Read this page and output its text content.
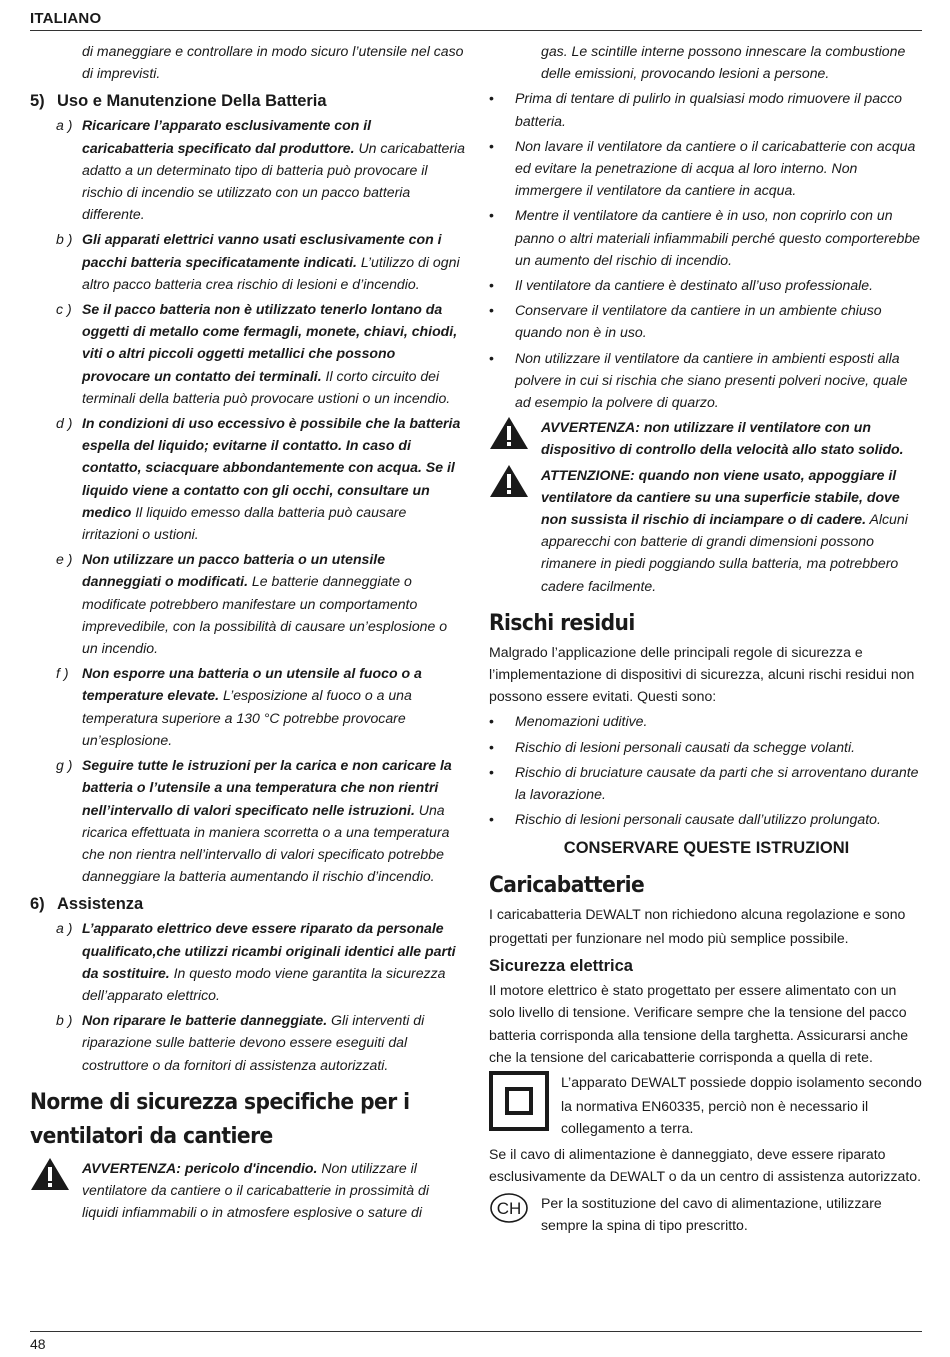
ITALIANO
di maneggiare e controllare in modo sicuro l’utensile nel caso di imprevisti.
5) Uso e Manutenzione Della Batteria
a ) Ricaricare l’apparato esclusivamente con il caricabatteria specificato dal produttore. Un caricabatteria adatto a un determinato tipo di batteria può provocare il rischio di incendio se utilizzato con un pacco batteria differente.
b ) Gli apparati elettrici vanno usati esclusivamente con i pacchi batteria specificatamente indicati. L’utilizzo di ogni altro pacco batteria crea rischio di lesioni e d’incendio.
c ) Se il pacco batteria non è utilizzato tenerlo lontano da oggetti di metallo come fermagli, monete, chiavi, chiodi, viti o altri piccoli oggetti metallici che possono provocare un contatto dei terminali. Il corto circuito dei terminali della batteria può provocare ustioni o un incendio.
d ) In condizioni di uso eccessivo è possibile che la batteria espella del liquido; evitarne il contatto. In caso di contatto, sciacquare abbondantemente con acqua. Se il liquido viene a contatto con gli occhi, consultare un medico Il liquido emesso dalla batteria può causare irritazioni o ustioni.
e ) Non utilizzare un pacco batteria o un utensile danneggiati o modificati. Le batterie danneggiate o modificate potrebbero manifestare un comportamento imprevedibile, con la possibilità di causare un’esplosione o un incendio.
f ) Non esporre una batteria o un utensile al fuoco o a temperature elevate. L’esposizione al fuoco o a una temperatura superiore a 130 °C potrebbe provocare un’esplosione.
g ) Seguire tutte le istruzioni per la carica e non caricare la batteria o l’utensile a una temperatura che non rientri nell’intervallo di valori specificato nelle istruzioni. Una ricarica effettuata in maniera scorretta o a una temperatura che non rientra nell’intervallo di valori specificato potrebbe danneggiare la batteria aumentando il rischio d’incendio.
6) Assistenza
a ) L’apparato elettrico deve essere riparato da personale qualificato,che utilizzi ricambi originali identici alle parti da sostituire. In questo modo viene garantita la sicurezza dell’apparato elettrico.
b ) Non riparare le batterie danneggiate. Gli interventi di riparazione sulle batterie devono essere eseguiti dal costruttore o da fornitori di assistenza autorizzati.
Norme di sicurezza specifiche per i
ventilatori da cantiere
AVVERTENZA: pericolo d'incendio. Non utilizzare il ventilatore da cantiere o il caricabatterie in prossimità di liquidi infiammabili o in atmosfere esplosive o sature di
gas. Le scintille interne possono innescare la combustione delle emissioni, provocando lesioni a persone.
•	Prima di tentare di pulirlo in qualsiasi modo rimuovere il pacco batteria.
•	Non lavare il ventilatore da cantiere o il caricabatterie con acqua ed evitare la penetrazione di acqua al loro interno. Non immergere il ventilatore da cantiere in acqua.
•	Mentre il ventilatore da cantiere è in uso, non coprirlo con un panno o altri materiali infiammabili perché questo comporterebbe un aumento del rischio di incendio.
•	Il ventilatore da cantiere è destinato all’uso professionale.
•	Conservare il ventilatore da cantiere in un ambiente chiuso quando non è in uso.
•	Non utilizzare il ventilatore da cantiere in ambienti esposti alla polvere in cui si rischia che siano presenti polveri nocive, quale ad esempio la polvere di quarzo.
AVVERTENZA: non utilizzare il ventilatore con un dispositivo di controllo della velocità allo stato solido.
ATTENZIONE: quando non viene usato, appoggiare il ventilatore da cantiere su una superficie stabile, dove non sussista il rischio di inciampare o di cadere. Alcuni apparecchi con batterie di grandi dimensioni possono rimanere in piedi poggiando sulla batteria, ma potrebbero cadere facilmente.
Rischi residui
Malgrado l’applicazione delle principali regole di sicurezza e l’implementazione di dispositivi di sicurezza, alcuni rischi residui non possono essere evitati. Questi sono:
•	Menomazioni uditive.
•	Rischio di lesioni personali causati da schegge volanti.
•	Rischio di bruciature causate da parti che si arroventano durante la lavorazione.
•	Rischio di lesioni personali causate dall’utilizzo prolungato.
CONSERVARE QUESTE ISTRUZIONI
Caricabatterie
I caricabatteria DEWALT non richiedono alcuna regolazione e sono progettati per funzionare nel modo più semplice possibile.
Sicurezza elettrica
Il motore elettrico è stato progettato per essere alimentato con un solo livello di tensione. Verificare sempre che la tensione del pacco batteria corrisponda alla tensione della targhetta. Assicurarsi anche che la tensione del caricabatterie corrisponda a quella di rete.
L’apparato DEWALT possiede doppio isolamento secondo la normativa EN60335, perciò non è necessario il collegamento a terra.
Se il cavo di alimentazione è danneggiato, deve essere riparato esclusivamente da DEWALT o da un centro di assistenza autorizzato.
CH Per la sostituzione del cavo di alimentazione, utilizzare sempre la spina di tipo prescritto.
48
